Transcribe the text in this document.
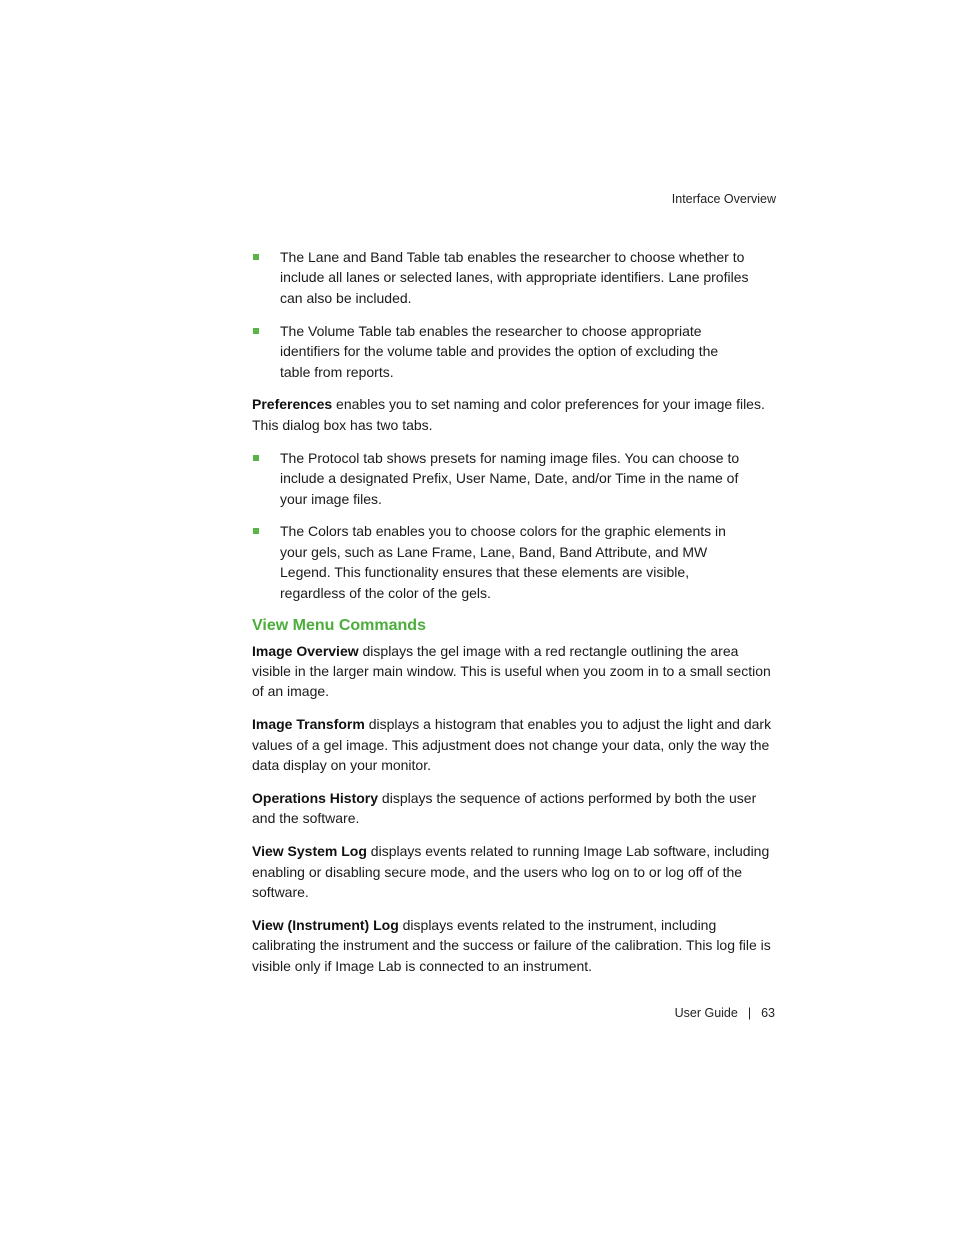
Interface Overview
The Lane and Band Table tab enables the researcher to choose whether to include all lanes or selected lanes, with appropriate identifiers. Lane profiles can also be included.
The Volume Table tab enables the researcher to choose appropriate identifiers for the volume table and provides the option of excluding the table from reports.

Preferences enables you to set naming and color preferences for your image files. This dialog box has two tabs.

The Protocol tab shows presets for naming image files. You can choose to include a designated Prefix, User Name, Date, and/or Time in the name of your image files.
The Colors tab enables you to choose colors for the graphic elements in your gels, such as Lane Frame, Lane, Band, Band Attribute, and MW Legend. This functionality ensures that these elements are visible, regardless of the color of the gels.
View Menu Commands

Image Overview displays the gel image with a red rectangle outlining the area visible in the larger main window. This is useful when you zoom in to a small section of an image.

Image Transform displays a histogram that enables you to adjust the light and dark values of a gel image. This adjustment does not change your data, only the way the data display on your monitor.

Operations History displays the sequence of actions performed by both the user and the software.

View System Log displays events related to running Image Lab software, including enabling or disabling secure mode, and the users who log on to or log off of the software.

View (Instrument) Log displays events related to the instrument, including calibrating the instrument and the success or failure of the calibration. This log file is visible only if Image Lab is connected to an instrument.

User Guide | 63
